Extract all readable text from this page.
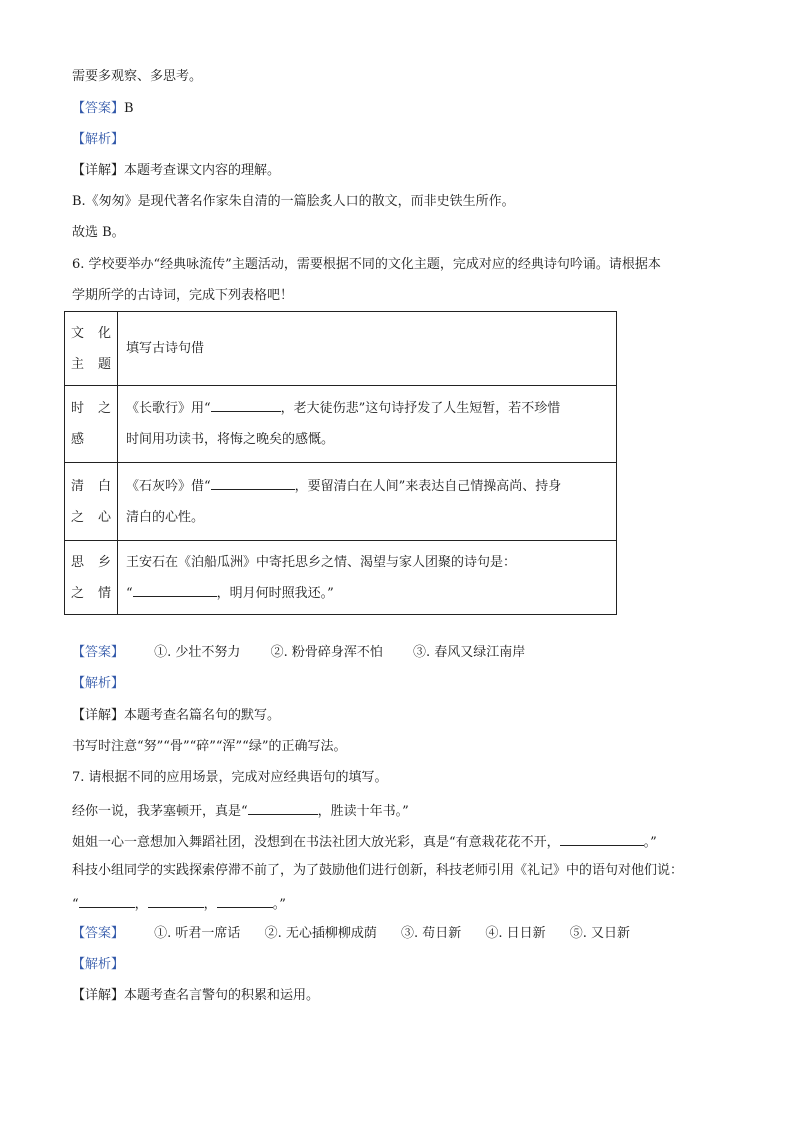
需要多观察、多思考。
【答案】B
【解析】
【详解】本题考查课文内容的理解。
B.《匆匆》是现代著名作家朱自清的一篇脍炙人口的散文，而非史铁生所作。
故选 B。
6. 学校要举办“经典咏流传”主题活动，需要根据不同的文化主题，完成对应的经典诗句吟诵。请根据本
学期所学的古诗词，完成下列表格吧！
文 化
主题	填写古诗句借

时 之
感	《长歌行》用“ ，老大徒伤悲”这句诗抒发了人生短暂，若不珍惜
时间用功读书，将悔之晚矣的感慨。

清 白
之心	《石灰吟》借“ ，要留清白在人间”来表达自己情操高尚、持身
清白的心性。

思 乡
之情	王安石在《泊船瓜洲》中寄托思乡之情、渴望与家人团聚的诗句是：
“ ，明月何时照我还。”
【答案】 ①. 少壮不努力 ②. 粉骨碎身浑不怕 ③. 春风又绿江南岸
【解析】
【详解】本题考查名篇名句的默写。
书写时注意“努”“骨”“碎”“浑”“绿”的正确写法。
7. 请根据不同的应用场景，完成对应经典语句的填写。
经你一说，我茅塞顿开，真是“	，胜读十年书。”
姐姐一心一意想加入舞蹈社团，没想到在书法社团大放光彩，真是“有意栽花花不开，	。”
科技小组同学的实践探索停滞不前了，为了鼓励他们进行创新，科技老师引用《礼记》中的语句对他们说：
“	，	，	。”
【答案】 ①. 听君一席话 ②. 无心插柳柳成荫 ③. 苟日新 ④. 日日新 ⑤. 又日新
【解析】
【详解】本题考查名言警句的积累和运用。
